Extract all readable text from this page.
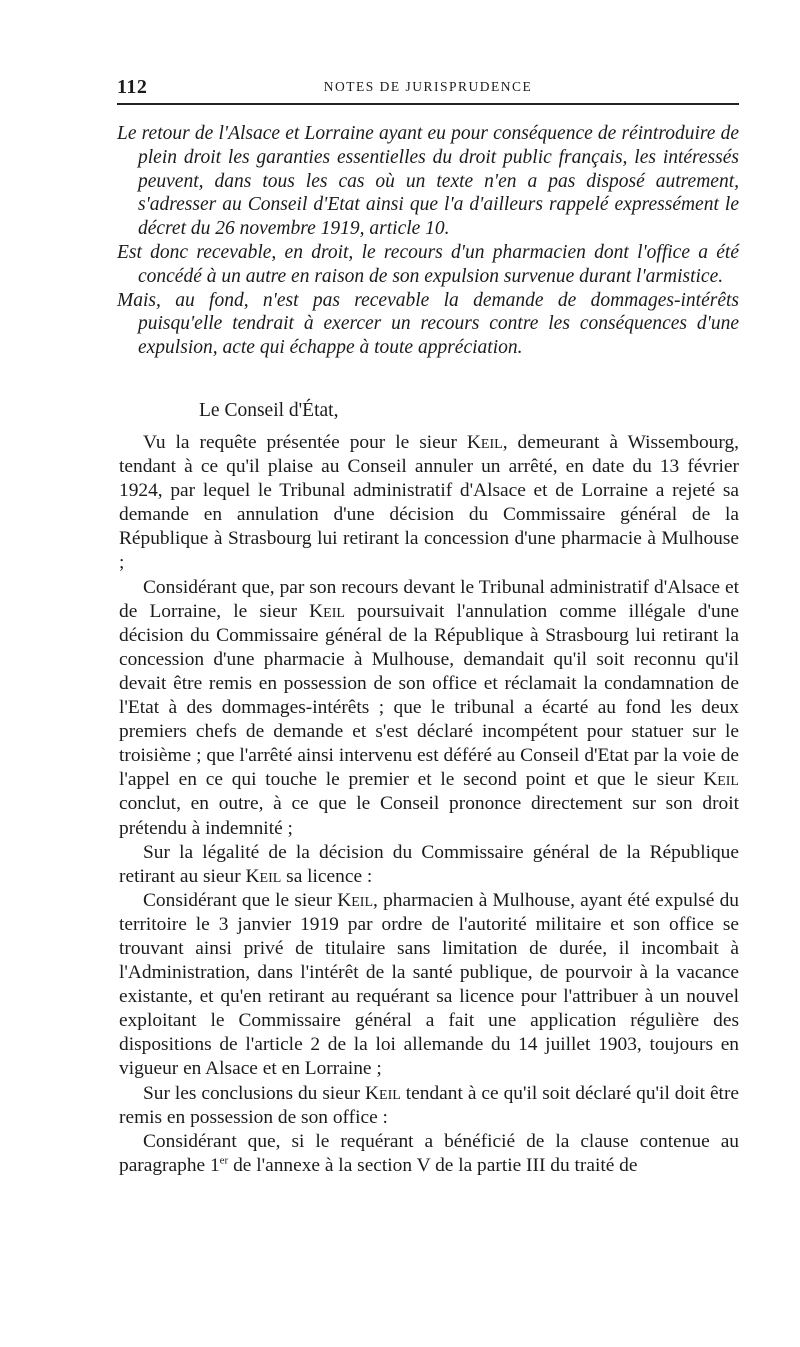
112	NOTES DE JURISPRUDENCE

Le retour de l'Alsace et Lorraine ayant eu pour conséquence de réintroduire de plein droit les garanties essentielles du droit public français, les intéressés peuvent, dans tous les cas où un texte n'en a pas disposé autrement, s'adresser au Conseil d'Etat ainsi que l'a d'ailleurs rappelé expressément le décret du 26 novembre 1919, article 10.

Est donc recevable, en droit, le recours d'un pharmacien dont l'office a été concédé à un autre en raison de son expulsion survenue durant l'armistice.

Mais, au fond, n'est pas recevable la demande de dommages-intérêts puisqu'elle tendrait à exercer un recours contre les conséquences d'une expulsion, acte qui échappe à toute appréciation.

Le Conseil d'État,

Vu la requête présentée pour le sieur Keil, demeurant à Wissembourg, tendant à ce qu'il plaise au Conseil annuler un arrêté, en date du 13 février 1924, par lequel le Tribunal administratif d'Alsace et de Lorraine a rejeté sa demande en annulation d'une décision du Commissaire général de la République à Strasbourg lui retirant la concession d'une pharmacie à Mulhouse ;

Considérant que, par son recours devant le Tribunal administratif d'Alsace et de Lorraine, le sieur Keil poursuivait l'annulation comme illégale d'une décision du Commissaire général de la République à Strasbourg lui retirant la concession d'une pharmacie à Mulhouse, demandait qu'il soit reconnu qu'il devait être remis en possession de son office et réclamait la condamnation de l'Etat à des dommages-intérêts ; que le tribunal a écarté au fond les deux premiers chefs de demande et s'est déclaré incompétent pour statuer sur le troisième ; que l'arrêté ainsi intervenu est déféré au Conseil d'Etat par la voie de l'appel en ce qui touche le premier et le second point et que le sieur Keil conclut, en outre, à ce que le Conseil prononce directement sur son droit prétendu à indemnité ;

Sur la légalité de la décision du Commissaire général de la République retirant au sieur Keil sa licence :

Considérant que le sieur Keil, pharmacien à Mulhouse, ayant été expulsé du territoire le 3 janvier 1919 par ordre de l'autorité militaire et son office se trouvant ainsi privé de titulaire sans limitation de durée, il incombait à l'Administration, dans l'intérêt de la santé publique, de pourvoir à la vacance existante, et qu'en retirant au requérant sa licence pour l'attribuer à un nouvel exploitant le Commissaire général a fait une application régulière des dispositions de l'article 2 de la loi allemande du 14 juillet 1903, toujours en vigueur en Alsace et en Lorraine ;

Sur les conclusions du sieur Keil tendant à ce qu'il soit déclaré qu'il doit être remis en possession de son office :

Considérant que, si le requérant a bénéficié de la clause contenue au paragraphe 1er de l'annexe à la section V de la partie III du traité de
